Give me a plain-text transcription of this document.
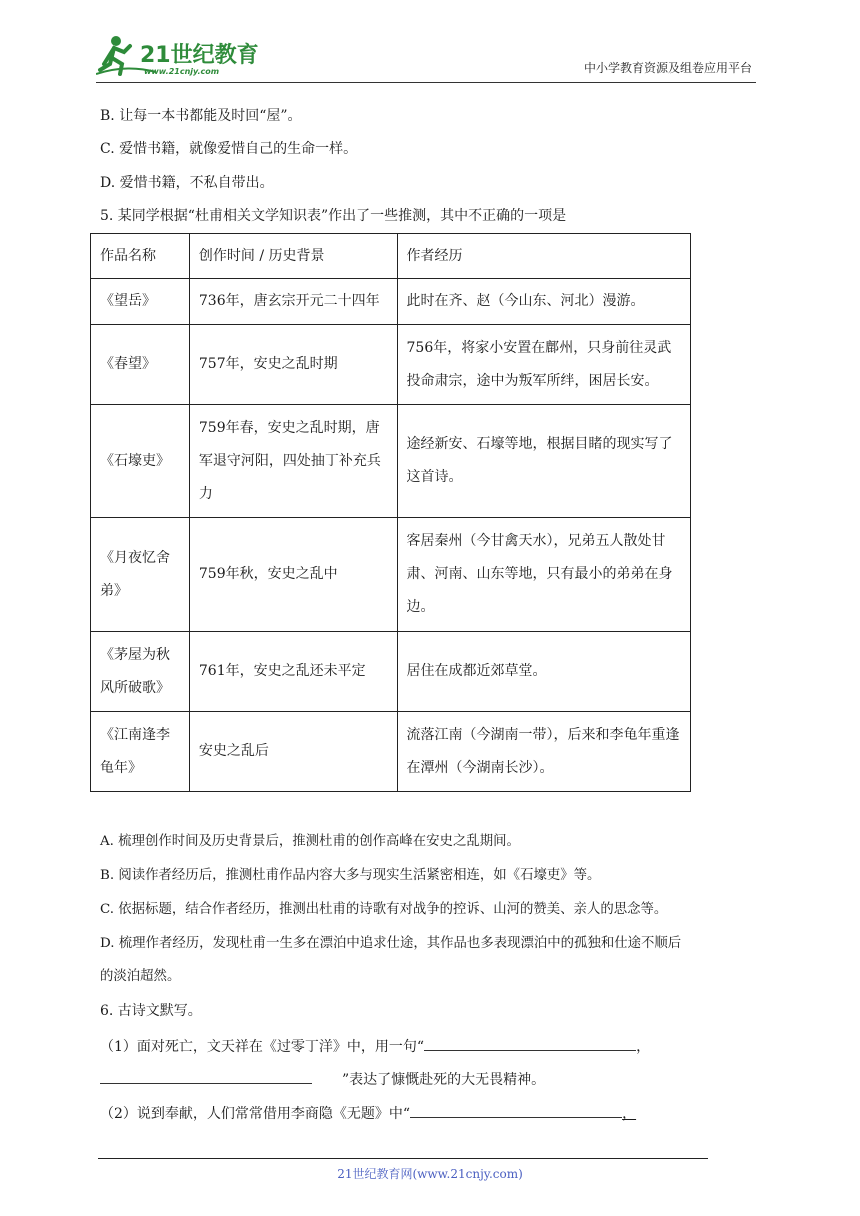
21世纪教育
www.21cnjy.com	中小学教育资源及组卷应用平台
B. 让每一本书都能及时回“屋”。
C. 爱惜书籍，就像爱惜自己的生命一样。
D. 爱惜书籍，不私自带出。
5. 某同学根据“杜甫相关文学知识表”作出了一些推测，其中不正确的一项是
作品名称	创作时间 / 历史背景	作者经历
《望岳》	736年，唐玄宗开元二十四年	此时在齐、赵（今山东、河北）漫游。
《春望》	757年，安史之乱时期	756年，将家小安置在鄜州，只身前往灵武投命肃宗，途中为叛军所绊，困居长安。
《石壕吏》	759年春，安史之乱时期，唐军退守河阳，四处抽丁补充兵力	途经新安、石壕等地，根据目睹的现实写了这首诗。
《月夜忆舍弟》	759年秋，安史之乱中	客居秦州（今甘禽天水），兄弟五人散处甘肃、河南、山东等地，只有最小的弟弟在身边。
《茅屋为秋风所破歌》	761年，安史之乱还未平定	居住在成都近郊草堂。
《江南逢李龟年》	安史之乱后	流落江南（今湖南一带），后来和李龟年重逢在潭州（今湖南长沙）。
A. 梳理创作时间及历史背景后，推测杜甫的创作高峰在安史之乱期间。
B. 阅读作者经历后，推测杜甫作品内容大多与现实生活紧密相连，如《石壕吏》等。
C. 依据标题，结合作者经历，推测出杜甫的诗歌有对战争的控诉、山河的赞美、亲人的思念等。
D. 梳理作者经历，发现杜甫一生多在漂泊中追求仕途，其作品也多表现漂泊中的孤独和仕途不顺后
的淡泊超然。
6. 古诗文默写。
（1）面对死亡，文天祥在《过零丁洋》中，用一句“	，
”表达了慷慨赴死的大无畏精神。
（2）说到奉献，人们常常借用李商隐《无题》中“	，
21世纪教育网(www.21cnjy.com)
